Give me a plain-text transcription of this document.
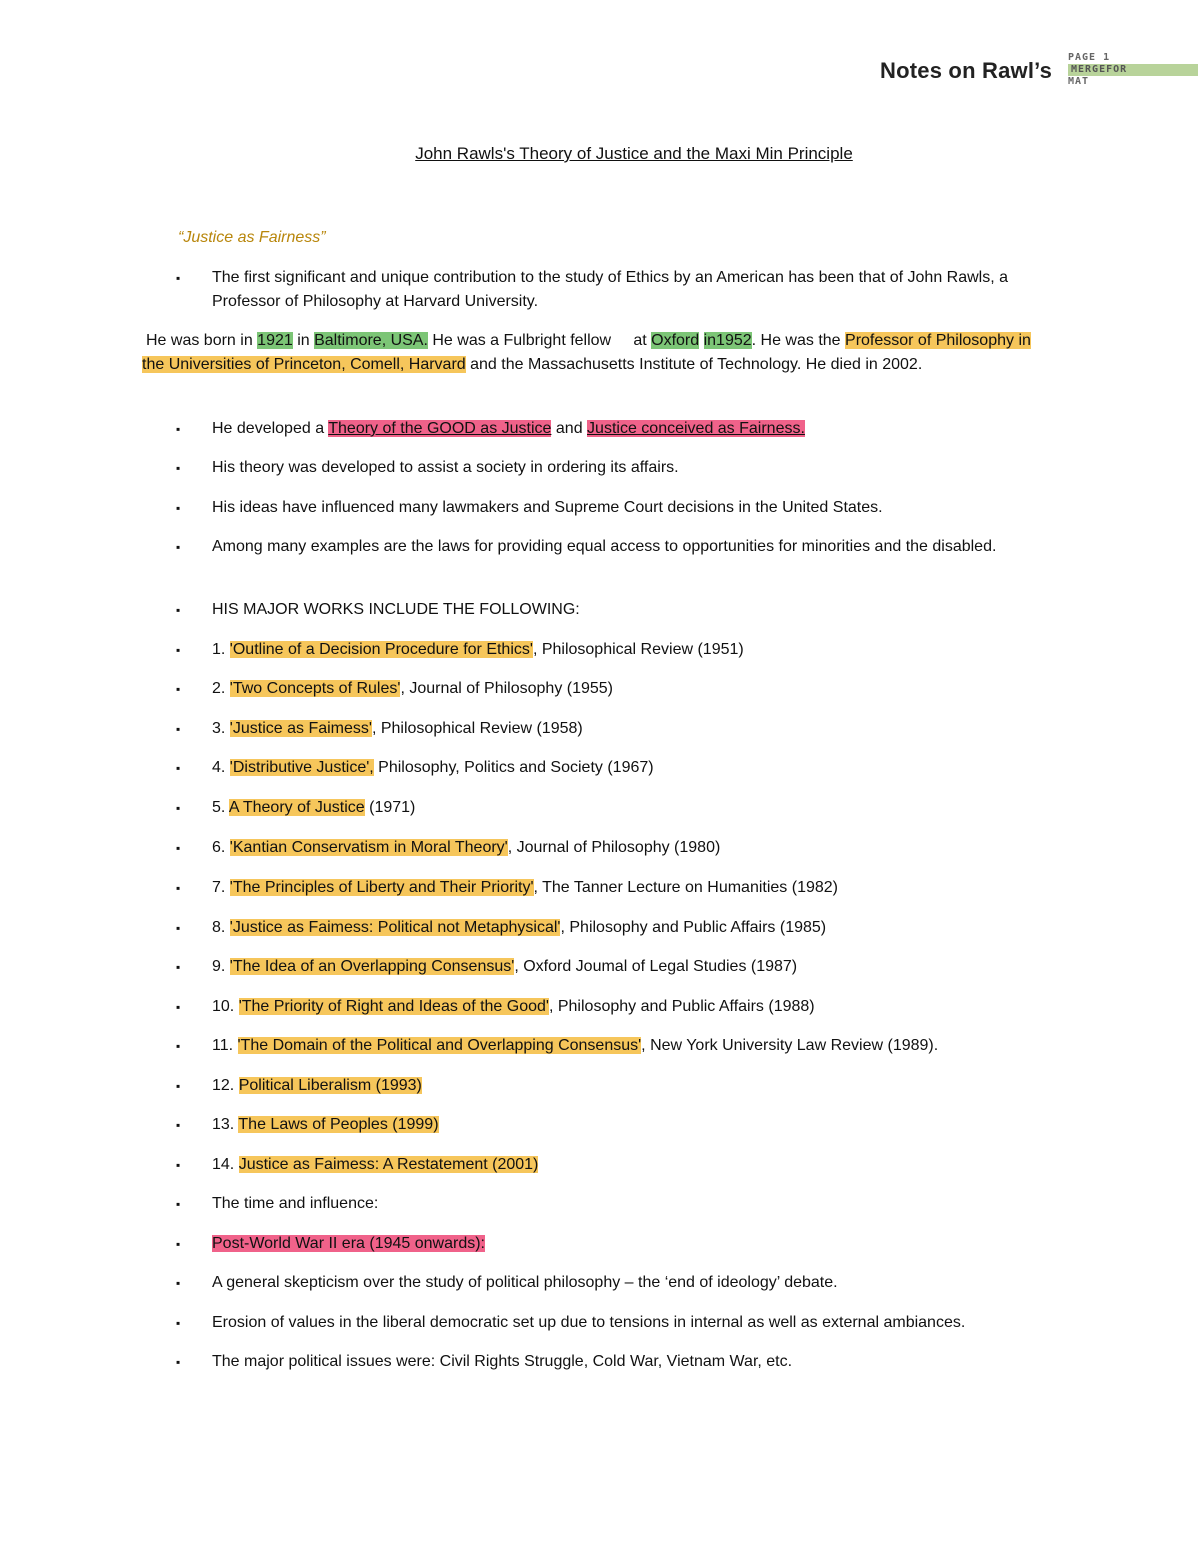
Notes on Rawl’s
PAGE 1
MERGEFOR
MAT
John Rawls's Theory of Justice and the Maxi Min Principle
“Justice as Fairness”
▪	The first significant and unique contribution to the study of Ethics by an American has been that of John Rawls, a Professor of Philosophy at Harvard University.
He was born in 1921 in Baltimore, USA. He was a Fulbright fellow     at Oxford in1952. He was the Professor of Philosophy in the Universities of Princeton, Comell, Harvard and the Massachusetts Institute of Technology. He died in 2002.
▪	He developed a Theory of the GOOD as Justice and Justice conceived as Fairness.
▪	His theory was developed to assist a society in ordering its affairs.
▪	His ideas have influenced many lawmakers and Supreme Court decisions in the United States.
▪	Among many examples are the laws for providing equal access to opportunities for minorities and the disabled.
▪	HIS MAJOR WORKS INCLUDE THE FOLLOWING:
▪	1. 'Outline of a Decision Procedure for Ethics', Philosophical Review (1951)
▪	2. 'Two Concepts of Rules', Journal of Philosophy (1955)
▪	3. 'Justice as Faimess', Philosophical Review (1958)
▪	4. 'Distributive Justice', Philosophy, Politics and Society (1967)
▪	5. A Theory of Justice (1971)
▪	6. 'Kantian Conservatism in Moral Theory', Journal of Philosophy (1980)
▪	7. 'The Principles of Liberty and Their Priority', The Tanner Lecture on Humanities (1982)
▪	8. 'Justice as Faimess: Political not Metaphysical', Philosophy and Public Affairs (1985)
▪	9. 'The Idea of an Overlapping Consensus', Oxford Joumal of Legal Studies (1987)
▪	10. 'The Priority of Right and Ideas of the Good', Philosophy and Public Affairs (1988)
▪	11. 'The Domain of the Political and Overlapping Consensus', New York University Law Review (1989).
▪	12. Political Liberalism (1993)
▪	13. The Laws of Peoples (1999)
▪	14. Justice as Faimess: A Restatement (2001)
▪	The time and influence:
▪	Post-World War II era (1945 onwards):
▪	A general skepticism over the study of political philosophy – the ‘end of ideology’ debate.
▪	Erosion of values in the liberal democratic set up due to tensions in internal as well as external ambiances.
▪	The major political issues were: Civil Rights Struggle, Cold War, Vietnam War, etc.
